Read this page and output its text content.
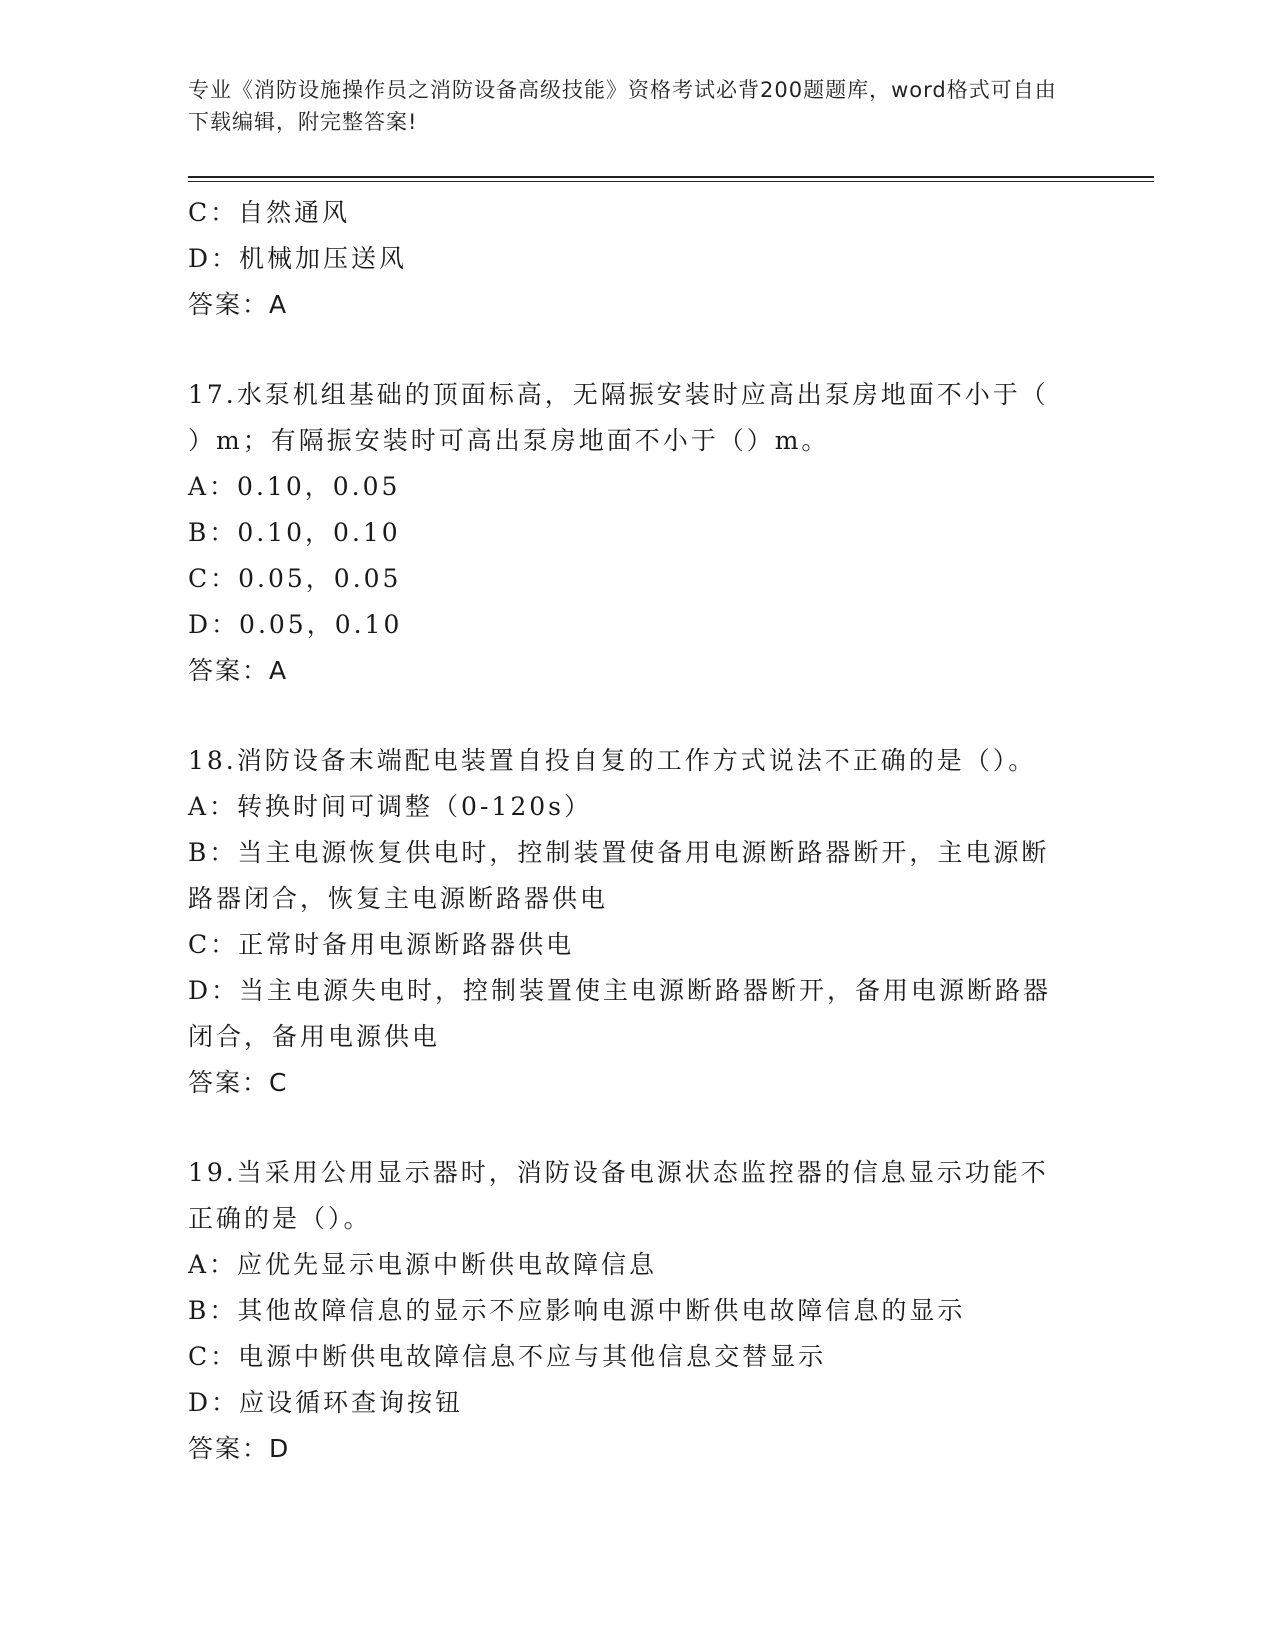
专业《消防设施操作员之消防设备高级技能》资格考试必背200题题库，word格式可自由下载编辑，附完整答案!
C：自然通风
D：机械加压送风
答案：A
17.水泵机组基础的顶面标高，无隔振安装时应高出泵房地面不小于（
）m；有隔振安装时可高出泵房地面不小于（）m。
A：0.10，0.05
B：0.10，0.10
C：0.05，0.05
D：0.05，0.10
答案：A
18.消防设备末端配电装置自投自复的工作方式说法不正确的是（）。
A：转换时间可调整（0-120s）
B：当主电源恢复供电时，控制装置使备用电源断路器断开，主电源断
路器闭合，恢复主电源断路器供电
C：正常时备用电源断路器供电
D：当主电源失电时，控制装置使主电源断路器断开，备用电源断路器
闭合，备用电源供电
答案：C
19.当采用公用显示器时，消防设备电源状态监控器的信息显示功能不
正确的是（）。
A：应优先显示电源中断供电故障信息
B：其他故障信息的显示不应影响电源中断供电故障信息的显示
C：电源中断供电故障信息不应与其他信息交替显示
D：应设循环查询按钮
答案：D
